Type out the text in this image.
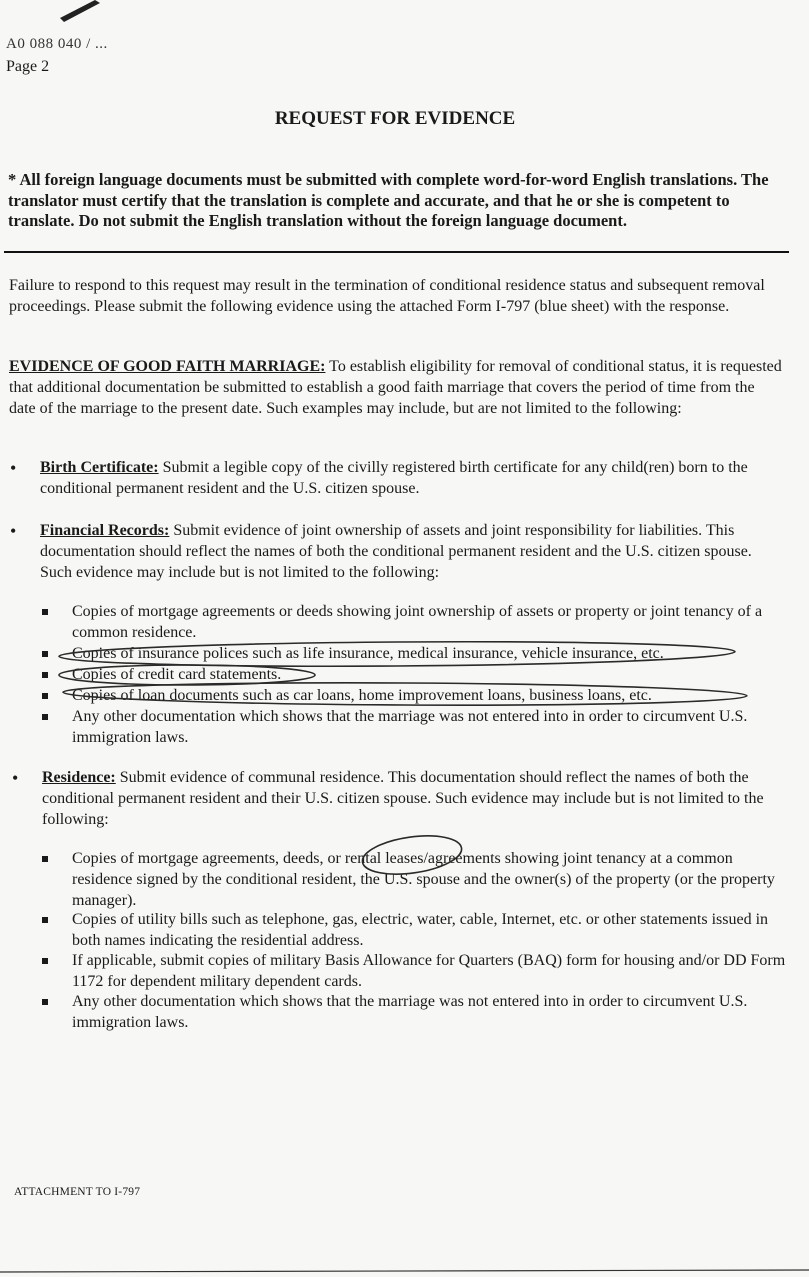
A0 088 040 / ...
Page 2
REQUEST FOR EVIDENCE
* All foreign language documents must be submitted with complete word-for-word English translations. The translator must certify that the translation is complete and accurate, and that he or she is competent to translate. Do not submit the English translation without the foreign language document.

Failure to respond to this request may result in the termination of conditional residence status and subsequent removal proceedings. Please submit the following evidence using the attached Form I-797 (blue sheet) with the response.

EVIDENCE OF GOOD FAITH MARRIAGE: To establish eligibility for removal of conditional status, it is requested that additional documentation be submitted to establish a good faith marriage that covers the period of time from the date of the marriage to the present date. Such examples may include, but are not limited to the following:

• Birth Certificate: Submit a legible copy of the civilly registered birth certificate for any child(ren) born to the conditional permanent resident and the U.S. citizen spouse.

• Financial Records: Submit evidence of joint ownership of assets and joint responsibility for liabilities. This documentation should reflect the names of both the conditional permanent resident and the U.S. citizen spouse. Such evidence may include but is not limited to the following:

Copies of mortgage agreements or deeds showing joint ownership of assets or property or joint tenancy of a common residence.

Copies of insurance polices such as life insurance, medical insurance, vehicle insurance, etc.

Copies of credit card statements.

Copies of loan documents such as car loans, home improvement loans, business loans, etc.

Any other documentation which shows that the marriage was not entered into in order to circumvent U.S. immigration laws.

• Residence: Submit evidence of communal residence. This documentation should reflect the names of both the conditional permanent resident and their U.S. citizen spouse. Such evidence may include but is not limited to the following:

Copies of mortgage agreements, deeds, or rental leases/agreements showing joint tenancy at a common residence signed by the conditional resident, the U.S. spouse and the owner(s) of the property (or the property manager).

Copies of utility bills such as telephone, gas, electric, water, cable, Internet, etc. or other statements issued in both names indicating the residential address.

If applicable, submit copies of military Basis Allowance for Quarters (BAQ) form for housing and/or DD Form 1172 for dependent military dependent cards.

Any other documentation which shows that the marriage was not entered into in order to circumvent U.S. immigration laws.

ATTACHMENT TO I-797
